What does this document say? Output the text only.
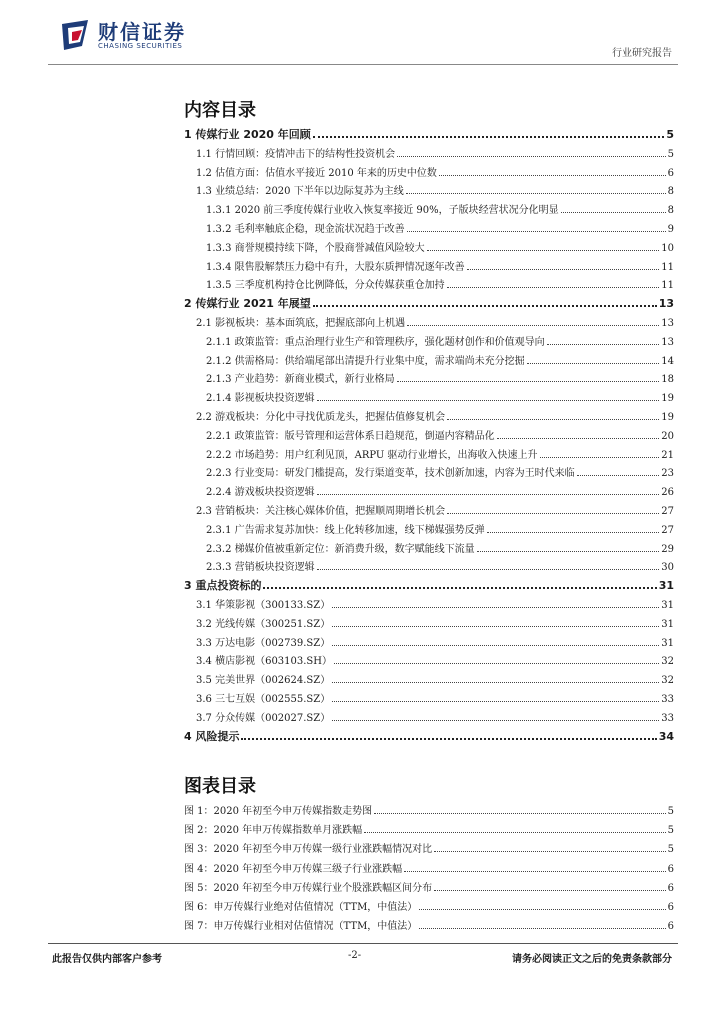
财信证券
CHASING SECURITIES
行业研究报告
内容目录
1 传媒行业 2020 年回顾	5
1.1 行情回顾：疫情冲击下的结构性投资机会	5
1.2 估值方面：估值水平接近 2010 年来的历史中位数	6
1.3 业绩总结：2020 下半年以边际复苏为主线	8
1.3.1 2020 前三季度传媒行业收入恢复率接近 90%，子版块经营状况分化明显	8
1.3.2 毛利率触底企稳，现金流状况趋于改善	9
1.3.3 商誉规模持续下降，个股商誉减值风险较大	10
1.3.4 限售股解禁压力稳中有升，大股东质押情况逐年改善	11
1.3.5 三季度机构持仓比例降低，分众传媒获重仓加持	11
2 传媒行业 2021 年展望	13
2.1 影视板块：基本面筑底，把握底部向上机遇	13
2.1.1 政策监管：重点治理行业生产和管理秩序，强化题材创作和价值观导向	13
2.1.2 供需格局：供给端尾部出清提升行业集中度，需求端尚未充分挖掘	14
2.1.3 产业趋势：新商业模式，新行业格局	18
2.1.4 影视板块投资逻辑	19
2.2 游戏板块：分化中寻找优质龙头，把握估值修复机会	19
2.2.1 政策监管：版号管理和运营体系日趋规范，倒逼内容精品化	20
2.2.2 市场趋势：用户红利见顶，ARPU 驱动行业增长，出海收入快速上升	21
2.2.3 行业变局：研发门槛提高，发行渠道变革，技术创新加速，内容为王时代来临	23
2.2.4 游戏板块投资逻辑	26
2.3 营销板块：关注核心媒体价值，把握顺周期增长机会	27
2.3.1 广告需求复苏加快：线上化转移加速，线下梯媒强势反弹	27
2.3.2 梯媒价值被重新定位：新消费升级，数字赋能线下流量	29
2.3.3 营销板块投资逻辑	30
3 重点投资标的	31
3.1 华策影视（300133.SZ）	31
3.2 光线传媒（300251.SZ）	31
3.3 万达电影（002739.SZ）	31
3.4 横店影视（603103.SH）	32
3.5 完美世界（002624.SZ）	32
3.6 三七互娱（002555.SZ）	33
3.7 分众传媒（002027.SZ）	33
4 风险提示	34
图表目录
图 1：2020 年初至今申万传媒指数走势图	5
图 2：2020 年申万传媒指数单月涨跌幅	5
图 3：2020 年初至今申万传媒一级行业涨跌幅情况对比	5
图 4：2020 年初至今申万传媒三级子行业涨跌幅	6
图 5：2020 年初至今申万传媒行业个股涨跌幅区间分布	6
图 6：申万传媒行业绝对估值情况（TTM，中值法）	6
图 7：申万传媒行业相对估值情况（TTM，中值法）	6
此报告仅供内部客户参考	-2-	请务必阅读正文之后的免责条款部分
